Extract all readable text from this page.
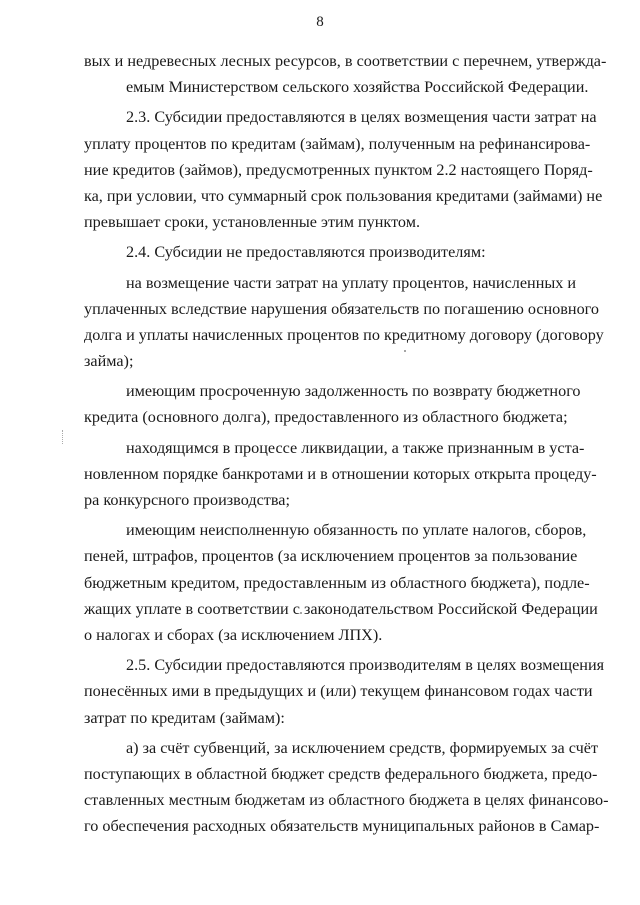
8
вых и недревесных лесных ресурсов, в соответствии с перечнем, утвержда-
емым Министерством сельского хозяйства Российской Федерации.
2.3. Субсидии предоставляются в целях возмещения части затрат на
уплату процентов по кредитам (займам), полученным на рефинансирова-
ние кредитов (займов), предусмотренных пунктом 2.2 настоящего Поряд-
ка, при условии, что суммарный срок пользования кредитами (займами) не
превышает сроки, установленные этим пунктом.
2.4. Субсидии не предоставляются производителям:
на возмещение части затрат на уплату процентов, начисленных и
уплаченных вследствие нарушения обязательств по погашению основного
долга и уплаты начисленных процентов по кредитному договору (договору
займа);
имеющим просроченную задолженность по возврату бюджетного
кредита (основного долга), предоставленного из областного бюджета;
находящимся в процессе ликвидации, а также признанным в уста-
новленном порядке банкротами и в отношении которых открыта процеду-
ра конкурсного производства;
имеющим неисполненную обязанность по уплате налогов, сборов,
пеней, штрафов, процентов (за исключением процентов за пользование
бюджетным кредитом, предоставленным из областного бюджета), подле-
жащих уплате в соответствии с законодательством Российской Федерации
о налогах и сборах (за исключением ЛПХ).
2.5. Субсидии предоставляются производителям в целях возмещения
понесённых ими в предыдущих и (или) текущем финансовом годах части
затрат по кредитам (займам):
а) за счёт субвенций, за исключением средств, формируемых за счёт
поступающих в областной бюджет средств федерального бюджета, предо-
ставленных местным бюджетам из областного бюджета в целях финансово-
го обеспечения расходных обязательств муниципальных районов в Самар-
